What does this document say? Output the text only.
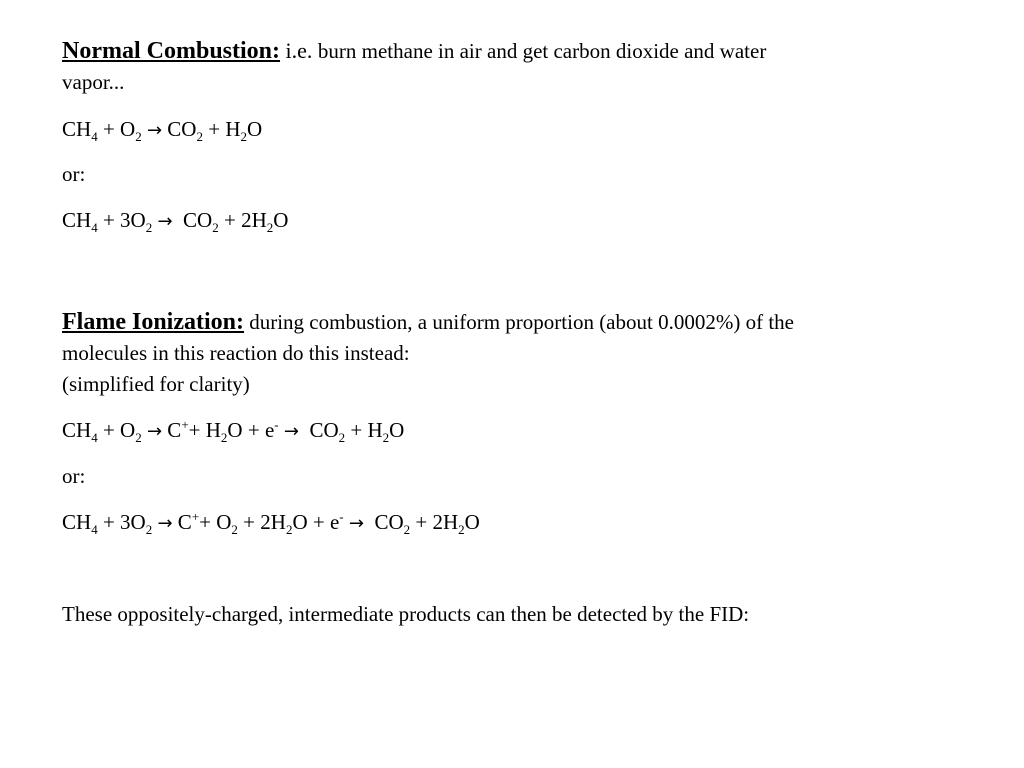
Normal Combustion: i.e. burn methane in air and get carbon dioxide and water
vapor...
$CH_4 + O_2 \to CO_2 + H_2O$
or:
$CH_4 + 3O_2 \to CO_2 + 2H_2O$
Flame Ionization: during combustion, a uniform proportion (about 0.0002%) of the
molecules in this reaction do this instead:
(simplified for clarity)
$CH_4 + O_2 \to C^++ H_2O + e^- \to CO_2 + H_2O$
or:
$CH_4 + 3O_2 \to C^++ O_2 + 2H_2O + e^- \to CO_2 + 2H_2O$
These oppositely-charged, intermediate products can then be detected by the FID:
